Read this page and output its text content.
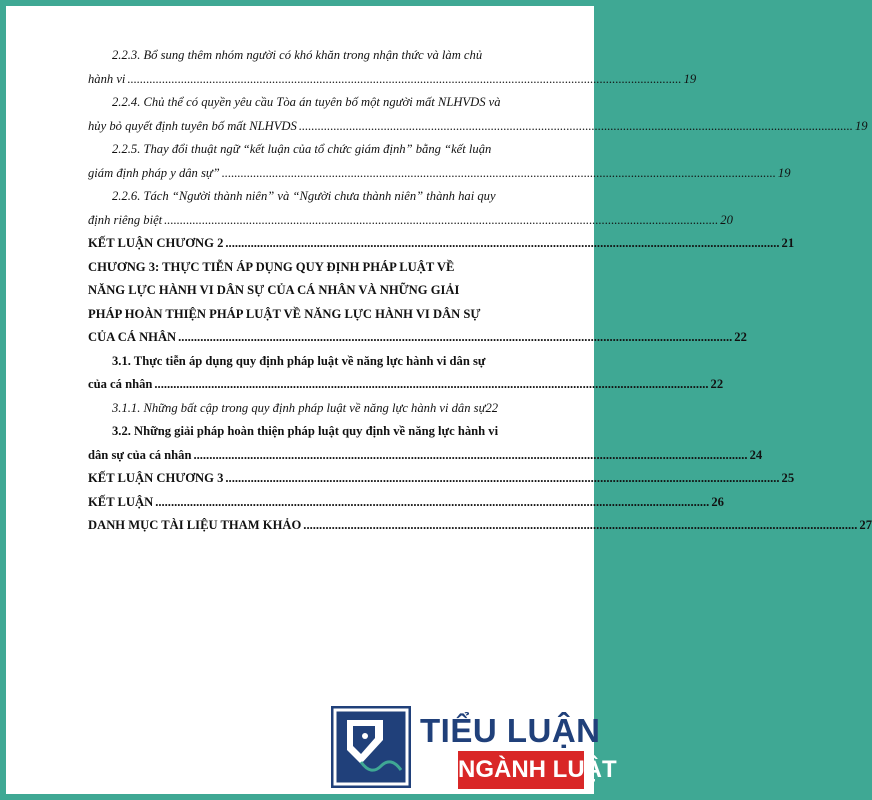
2.2.3. Bổ sung thêm nhóm người có khó khăn trong nhận thức và làm chủ
hành vi .....	19
2.2.4. Chủ thể có quyền yêu cầu Tòa án tuyên bố một người mất NLHVDS và
hủy bỏ quyết định tuyên bố mất NLHVDS .....	19
2.2.5. Thay đổi thuật ngữ “kết luận của tổ chức giám định” bằng “kết luận
giám định pháp y dân sự” .....	19
2.2.6. Tách “Người thành niên” và “Người chưa thành niên” thành hai quy
định riêng biệt .....	20
KẾT LUẬN CHƯƠNG 2 .....	21
CHƯƠNG 3: THỰC TIỄN ÁP DỤNG QUY ĐỊNH PHÁP LUẬT VỀ
NĂNG LỰC HÀNH VI DÂN SỰ CỦA CÁ NHÂN VÀ NHỮNG GIẢI
PHÁP HOÀN THIỆN PHÁP LUẬT VỀ NĂNG LỰC HÀNH VI DÂN SỰ
CỦA CÁ NHÂN .....	22
3.1. Thực tiễn áp dụng quy định pháp luật về năng lực hành vi dân sự
của cá nhân .....	22
3.1.1. Những bất cập trong quy định pháp luật về năng lực hành vi dân sự 22
3.2. Những giải pháp hoàn thiện pháp luật quy định về năng lực hành vi
dân sự của cá nhân .....	24
KẾT LUẬN CHƯƠNG 3 .....	25
KẾT LUẬN .....	26
DANH MỤC TÀI LIỆU THAM KHẢO .....	27
TIỂU LUẬN
NGÀNH LUẬT
